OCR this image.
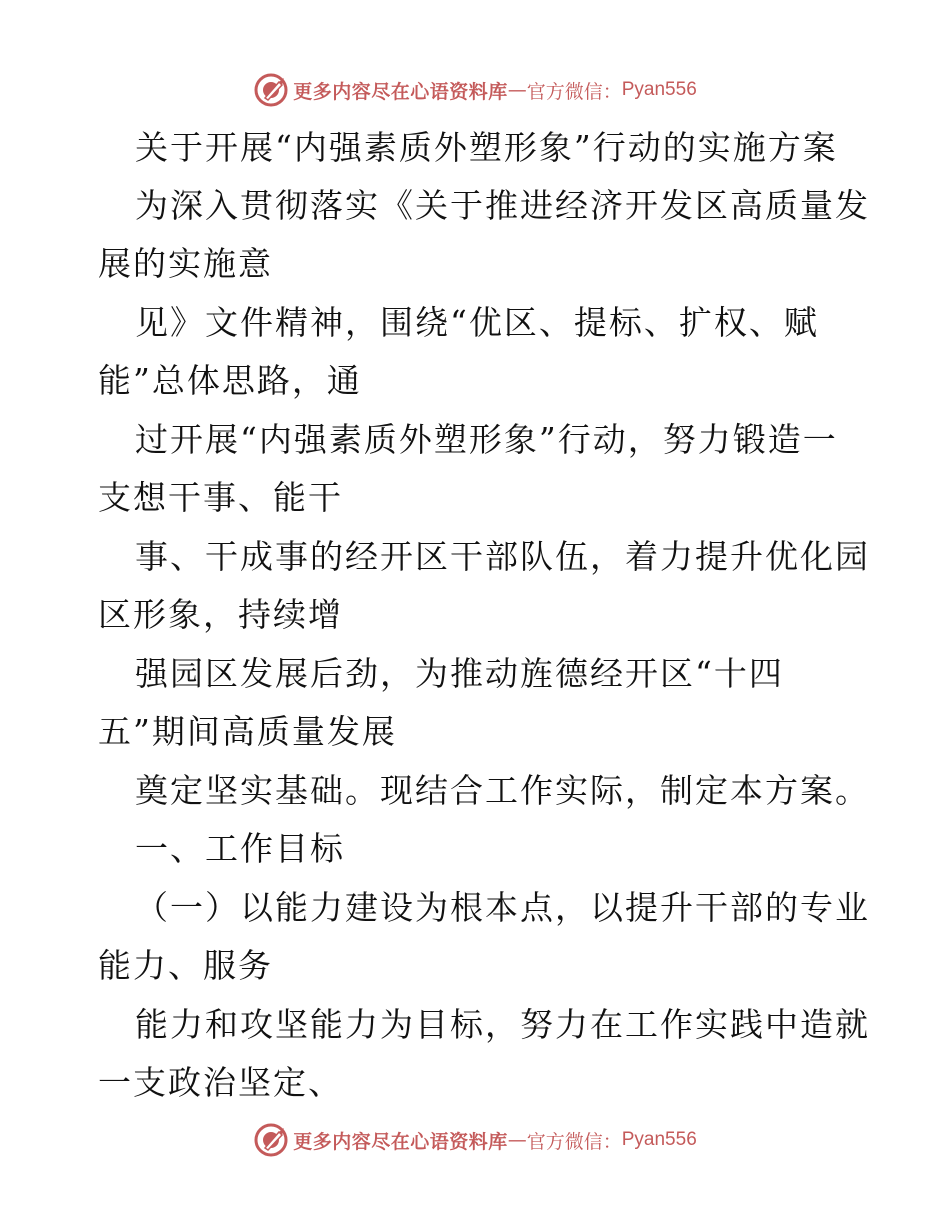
更多内容尽在心语资料库 — 官方微信： Pyan556
关于开展“内强素质外塑形象”行动的实施方案
为深入贯彻落实《关于推进经济开发区高质量发
展的实施意
见》文件精神，围绕“优区、提标、扩权、赋
能”总体思路，通
过开展“内强素质外塑形象”行动，努力锻造一
支想干事、能干
事、干成事的经开区干部队伍，着力提升优化园
区形象，持续增
强园区发展后劲，为推动旌德经开区“十四
五”期间高质量发展
奠定坚实基础。现结合工作实际，制定本方案。
一、工作目标
（一）以能力建设为根本点，以提升干部的专业
能力、服务
能力和攻坚能力为目标，努力在工作实践中造就
一支政治坚定、
更多内容尽在心语资料库 — 官方微信： Pyan556
